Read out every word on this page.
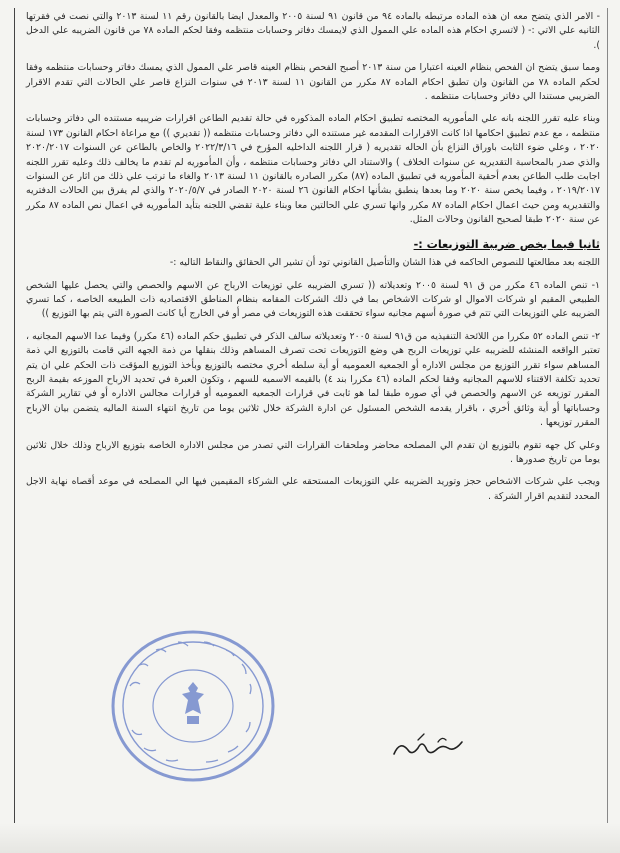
- الامر الذي يتضح معه ان هذه الماده مرتبطه بالماده ٩٤ من قانون ٩١ لسنة ٢٠٠٥ والمعدل ايضا بالقانون رقم ١١ لسنة ٢٠١٣ والتي نصت في فقرتها الثانيه علي الاتي :- ( لاتسري احكام هذه الماده علي الممول الذي لايمسك دفاتر وحسابات منتظمه وفقا لحكم الماده ٧٨ من قانون الضريبه علي الدخل ).

ومما سبق يتضح ان الفحص بنظام العينه اعتبارا من سنة ٢٠١٣ أصبح الفحص بنظام العينه قاصر علي الممول الذي يمسك دفاتر وحسابات منتظمه وفقا لحكم الماده ٧٨ من القانون وان تطبق احكام الماده ٨٧ مكرر من القانون ١١ لسنة ٢٠١٣ في سنوات النزاع قاصر علي الحالات التي تقدم الاقرار الضريبي مستندا الي دفاتر وحسابات منتظمه .

وبناء عليه تقرر اللجنه بانه علي المأموريه المختصه تطبيق احكام الماده المذكوره في حالة تقديم الطاعن اقرارات ضريبيه مستنده الي دفاتر وحسابات منتظمه ، مع عدم تطبيق احكامها اذا كانت الاقرارات المقدمه غير مستنده الي دفاتر وحسابات منتظمه (( تقديري )) مع مراعاة احكام القانون ١٧٣ لسنة ٢٠٢٠ ، وعلي ضوء الثابت باوراق النزاع بأن الحاله تقديريه ( قرار اللجنه الداخليه المؤرخ في ٢٠٢٢/٣/١٦ والخاص بالطاعن عن السنوات ٢٠٢٠/٢٠١٧ والذي صدر بالمحاسبة التقديريه عن سنوات الخلاف ) والاستناد الي دفاتر وحسابات منتظمه ، وأن المأموريه لم تقدم ما يخالف ذلك وعليه تقرر اللجنه اجابت طلب الطاعن بعدم أحقية المأموريه في تطبيق الماده (٨٧) مكرر الصادره بالقانون ١١ لسنة ٢٠١٣ والغاء ما ترتب علي ذلك من اثار عن السنوات ٢٠١٩/٢٠١٧ ، وفيما يخص سنة ٢٠٢٠ وما بعدها ينطبق بشأنها احكام القانون ٢٦ لسنة ٢٠٢٠ الصادر في ٢٠٢٠/٥/٧ والذي لم يفرق بين الحالات الدفتريه والتقديريه ومن حيث اعمال احكام الماده ٨٧ مكرر وانها تسري علي الحالتين معا وبناء علية تقضي اللجنه بتأيد المأموريه في اعمال نص الماده ٨٧ مكرر عن سنة ٢٠٢٠ طبقا لصحيح القانون وحالات المثل.

ثانيا فيما يخص ضريبة التوزيعات :-

اللجنه بعد مطالعتها للنصوص الحاكمه في هذا الشان والتأصيل القانوني تود أن تشير الي الحقائق والنقاط التاليه :-

١- تنص الماده ٤٦ مكرر من ق ٩١ لسنة ٢٠٠٥ وتعديلاته (( تسري الضريبه علي توزيعات الارباح عن الاسهم والحصص والتي يحصل عليها الشخص الطبيعي المقيم او شركات الاموال او شركات الاشخاص بما في ذلك الشركات المقامه بنظام المناطق الاقتصاديه ذات الطبيعه الخاصه ، كما تسري الضريبه علي التوزيعات التي تتم في صورة أسهم مجانيه سواء تحققت هذه التوزيعات في مصر أو في الخارج أيا كانت الصورة التي يتم بها التوزيع ))

٢- تنص الماده ٥٢ مكررا من اللائحة التنفيذيه من ق٩١ لسنة ٢٠٠٥ وتعديلاته سالف الذكر في تطبيق حكم الماده (٤٦ مكرر) وفيما عدا الاسهم المجانيه ، تعتبر الواقعه المنشئه للضريبه علي توزيعات الربح هي وضع التوزيعات تحت تصرف المساهم وذلك بنقلها من ذمة الجهه التي قامت بالتوزيع الي ذمة المساهم سواء تقرر التوزيع من مجلس الاداره أو الجمعيه العموميه أو أية سلطه أخري مختصه بالتوزيع وبأخذ التوزيع المؤقت ذات الحكم علي ان يتم تحديد تكلفة الاقتناء للاسهم المجانيه وفقا لحكم الماده (٤٦ مكررا بند ٤) بالقيمه الاسميه للسهم ، وتكون العبرة في تحديد الارباح الموزعه بقيمة الربح المقرر توزيعه عن الاسهم والحصص في أي صوره طبقا لما هو ثابت في قرارات الجمعيه العموميه أو قرارات مجالس الاداره أو في تقارير الشركة وحساباتها أو أية وثائق أخري ، باقرار يقدمه الشخص المسئول عن ادارة الشركة خلال ثلاثين يوما من تاريخ انتهاء السنة الماليه يتضمن بيان الارباح المقرر توزيعها .

وعلي كل جهه تقوم بالتوزيع ان تقدم الي المصلحه محاضر وملحقات القرارات التي تصدر من مجلس الاداره الخاصه بتوزيع الارباح وذلك خلال ثلاثين يوما من تاريخ صدورها .

ويجب علي شركات الاشخاص حجز وتوريد الضريبه علي التوزيعات المستحقه علي الشركاء المقيمين فيها الي المصلحه في موعد أقصاه نهاية الاجل المحدد لتقديم اقرار الشركة .
